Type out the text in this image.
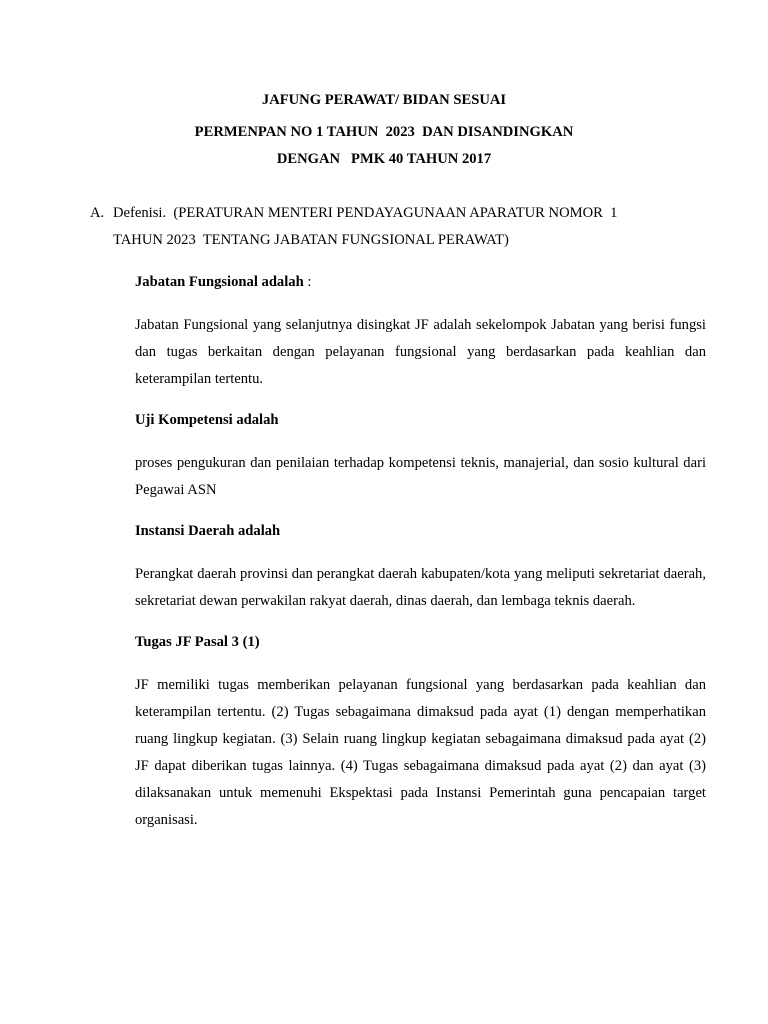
JAFUNG PERAWAT/ BIDAN SESUAI
PERMENPAN NO 1 TAHUN  2023  DAN DISANDINGKAN
DENGAN   PMK 40 TAHUN 2017
A. Defenisi.  (PERATURAN MENTERI PENDAYAGUNAAN APARATUR NOMOR  1
TAHUN 2023  TENTANG JABATAN FUNGSIONAL PERAWAT)
Jabatan Fungsional adalah :
Jabatan Fungsional yang selanjutnya disingkat JF adalah sekelompok Jabatan yang berisi fungsi dan tugas berkaitan dengan pelayanan fungsional yang berdasarkan pada keahlian dan keterampilan tertentu.
Uji Kompetensi adalah
proses pengukuran dan penilaian terhadap kompetensi teknis, manajerial, dan sosio kultural dari Pegawai ASN
Instansi Daerah adalah
Perangkat daerah provinsi dan perangkat daerah kabupaten/kota yang meliputi sekretariat daerah, sekretariat dewan perwakilan rakyat daerah, dinas daerah, dan lembaga teknis daerah.
Tugas JF Pasal 3 (1)
JF memiliki tugas memberikan pelayanan fungsional yang berdasarkan pada keahlian dan keterampilan tertentu. (2) Tugas sebagaimana dimaksud pada ayat (1) dengan memperhatikan ruang lingkup kegiatan. (3) Selain ruang lingkup kegiatan sebagaimana dimaksud pada ayat (2) JF dapat diberikan tugas lainnya. (4) Tugas sebagaimana dimaksud pada ayat (2) dan ayat (3) dilaksanakan untuk memenuhi Ekspektasi pada Instansi Pemerintah guna pencapaian target organisasi.
